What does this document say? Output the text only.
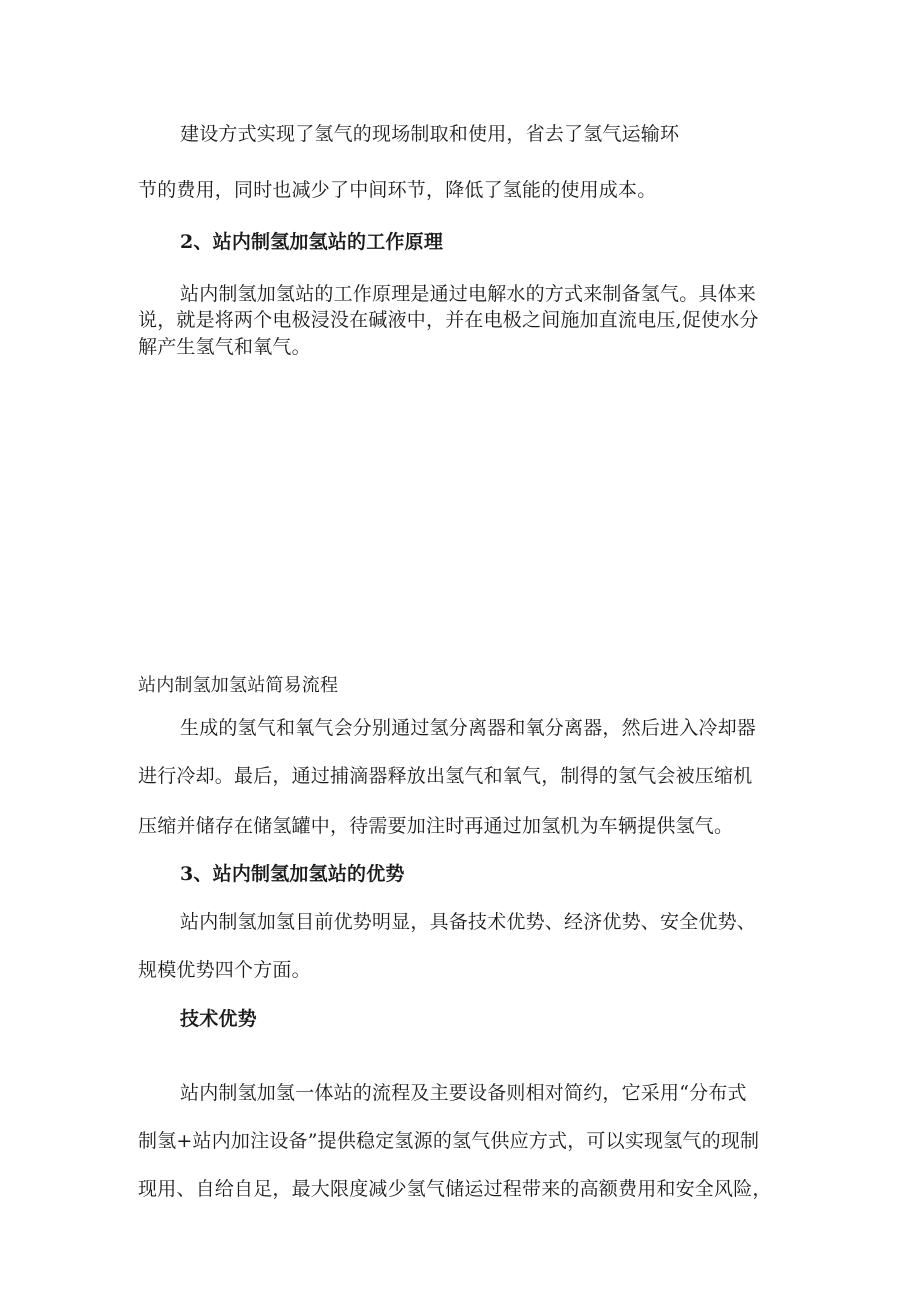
建设方式实现了氢气的现场制取和使用，省去了氢气运输环
节的费用，同时也减少了中间环节，降低了氢能的使用成本。
2、站内制氢加氢站的工作原理
站内制氢加氢站的工作原理是通过电解水的方式来制备氢气。具体来
说，就是将两个电极浸没在碱液中，并在电极之间施加直流电压,促使水分
解产生氢气和氧气。
站内制氢加氢站简易流程
生成的氢气和氧气会分别通过氢分离器和氧分离器，然后进入冷却器
进行冷却。最后，通过捕滴器释放出氢气和氧气，制得的氢气会被压缩机
压缩并储存在储氢罐中，待需要加注时再通过加氢机为车辆提供氢气。
3、站内制氢加氢站的优势
站内制氢加氢目前优势明显，具备技术优势、经济优势、安全优势、
规模优势四个方面。
技术优势
站内制氢加氢一体站的流程及主要设备则相对简约，它采用“分布式
制氢+站内加注设备”提供稳定氢源的氢气供应方式，可以实现氢气的现制
现用、自给自足，最大限度减少氢气储运过程带来的高额费用和安全风险，
